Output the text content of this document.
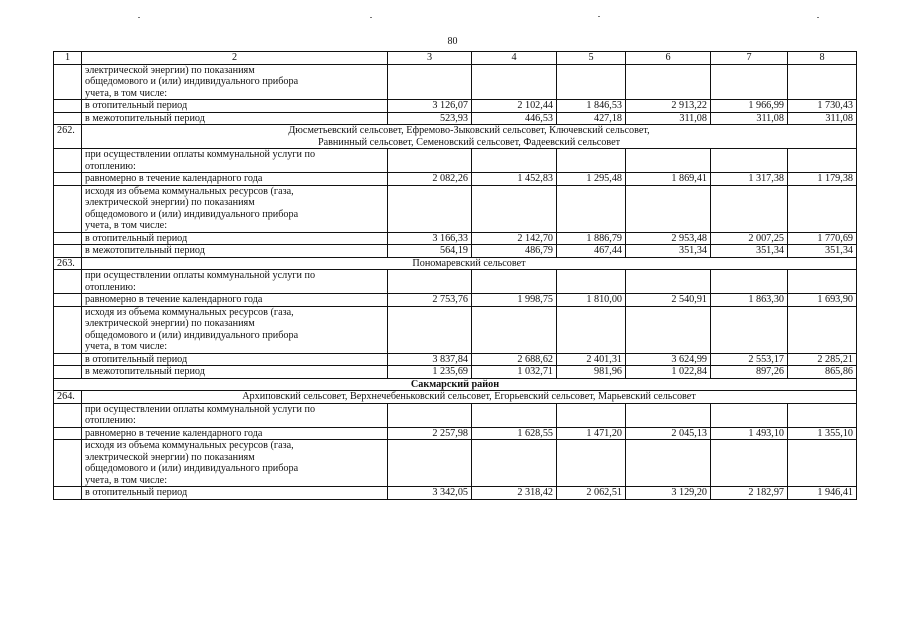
80
1	2	3	4	5	6	7	8

	электрической энергии) по показаниям
общедомового и (или) индивидуального прибора
учета, в том числе:						

	в отопительный период	3 126,07	2 102,44	1 846,53	2 913,22	1 966,99	1 730,43
	в межотопительный период	523,93	446,53	427,18	311,08	311,08	311,08
262.	Дюсметьевский сельсовет, Ефремово-Зыковский сельсовет, Ключевский сельсовет,
Равнинный сельсовет, Семеновский сельсовет, Фадеевский сельсовет						

	при осуществлении оплаты коммунальной услуги по
отоплению:						

	равномерно в течение календарного года	2 082,26	1 452,83	1 295,48	1 869,41	1 317,38	1 179,38

	исходя из объема коммунальных ресурсов (газа,
электрической энергии) по показаниям
общедомового и (или) индивидуального прибора
учета, в том числе:						

	в отопительный период	3 166,33	2 142,70	1 886,79	2 953,48	2 007,25	1 770,69
	в межотопительный период	564,19	486,79	467,44	351,34	351,34	351,34
263.	Пономаревский сельсовет						

	при осуществлении оплаты коммунальной услуги по
отоплению:						

	равномерно в течение календарного года	2 753,76	1 998,75	1 810,00	2 540,91	1 863,30	1 693,90

	исходя из объема коммунальных ресурсов (газа,
электрической энергии) по показаниям
общедомового и (или) индивидуального прибора
учета, в том числе:						

	в отопительный период	3 837,84	2 688,62	2 401,31	3 624,99	2 553,17	2 285,21
	в межотопительный период	1 235,69	1 032,71	981,96	1 022,84	897,26	865,86
Сакмарский район							
264.	Архиповский сельсовет, Верхнечебеньковский сельсовет, Егорьевский сельсовет, Марьевский сельсовет						

	при осуществлении оплаты коммунальной услуги по
отоплению:						

	равномерно в течение календарного года	2 257,98	1 628,55	1 471,20	2 045,13	1 493,10	1 355,10

	исходя из объема коммунальных ресурсов (газа,
электрической энергии) по показаниям
общедомового и (или) индивидуального прибора
учета, в том числе:						

	в отопительный период	3 342,05	2 318,42	2 062,51	3 129,20	2 182,97	1 946,41
